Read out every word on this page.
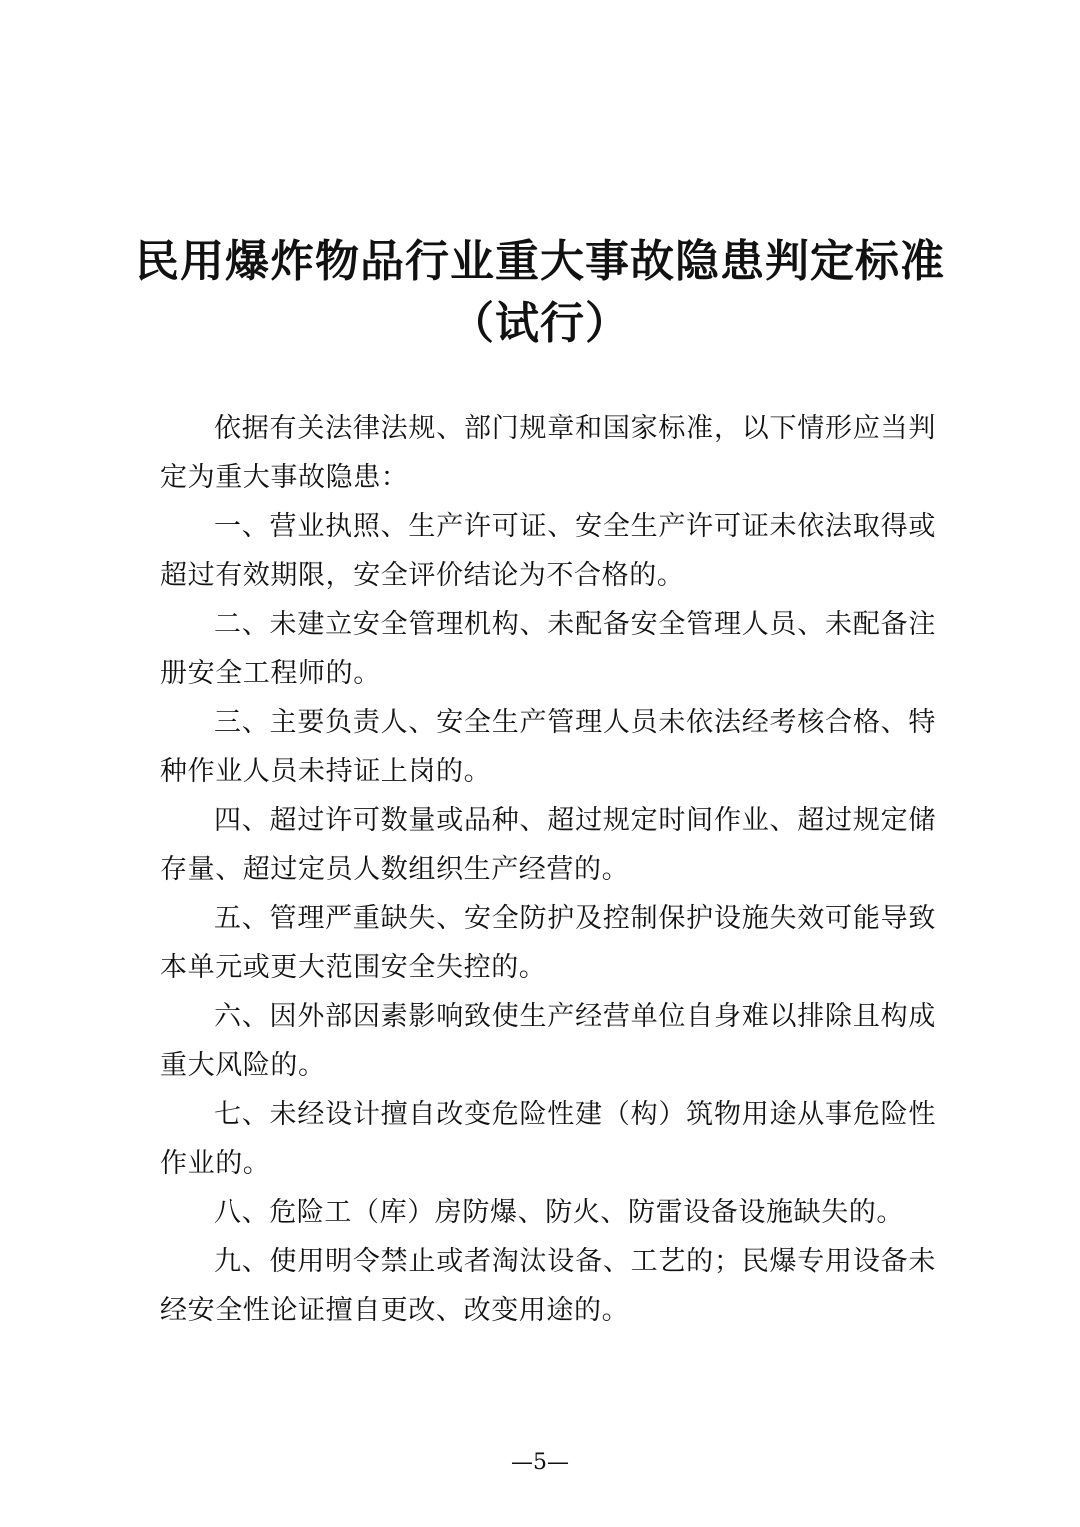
民用爆炸物品行业重大事故隐患判定标准
（试行）

依据有关法律法规、部门规章和国家标准，以下情形应当判定为重大事故隐患：

一、营业执照、生产许可证、安全生产许可证未依法取得或超过有效期限，安全评价结论为不合格的。

二、未建立安全管理机构、未配备安全管理人员、未配备注册安全工程师的。

三、主要负责人、安全生产管理人员未依法经考核合格、特种作业人员未持证上岗的。

四、超过许可数量或品种、超过规定时间作业、超过规定储存量、超过定员人数组织生产经营的。

五、管理严重缺失、安全防护及控制保护设施失效可能导致本单元或更大范围安全失控的。

六、因外部因素影响致使生产经营单位自身难以排除且构成重大风险的。

七、未经设计擅自改变危险性建（构）筑物用途从事危险性作业的。

八、危险工（库）房防爆、防火、防雷设备设施缺失的。

九、使用明令禁止或者淘汰设备、工艺的；民爆专用设备未经安全性论证擅自更改、改变用途的。

—5—
